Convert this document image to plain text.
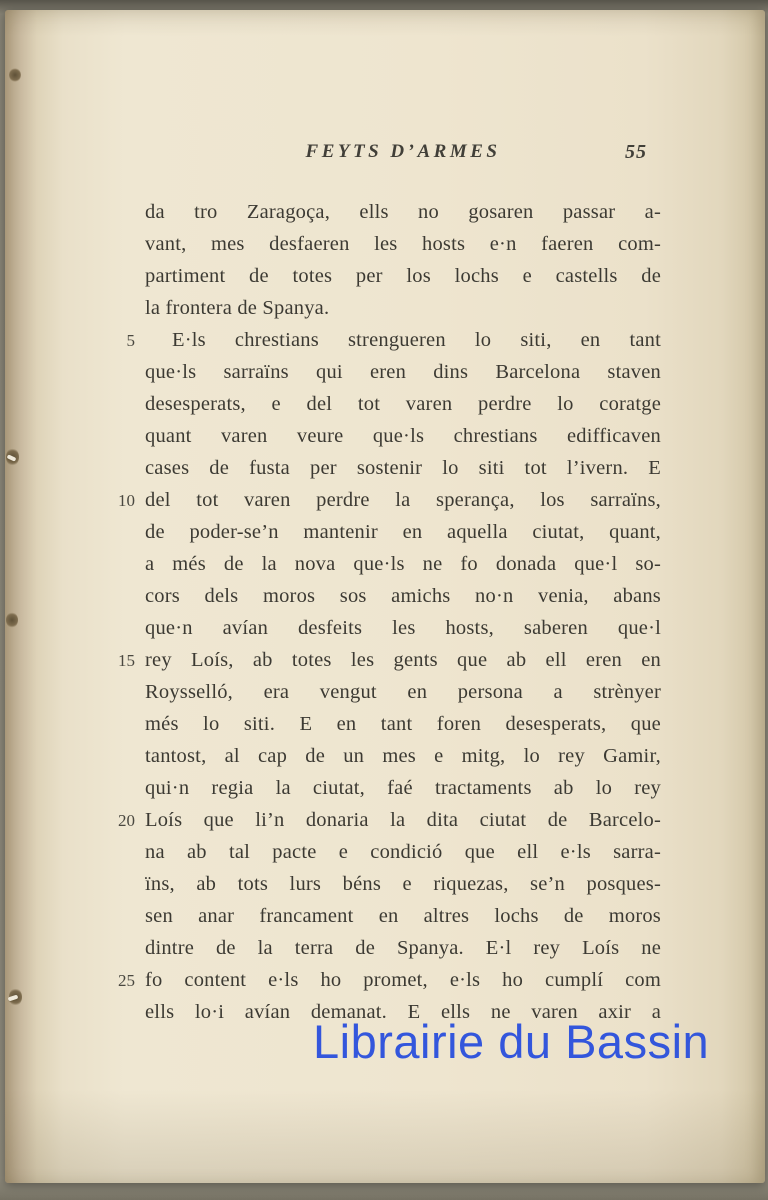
FEYTS D’ARMES	55
da tro Zaragoça, ells no gosaren passar a-
vant, mes desfaeren les hosts e·n faeren com-
partiment de totes per los lochs e castells de
la frontera de Spanya.
5	E·ls chrestians strengueren lo siti, en tant
que·ls sarraïns qui eren dins Barcelona staven
desesperats, e del tot varen perdre lo coratge
quant varen veure que·ls chrestians edifficaven
cases de fusta per sostenir lo siti tot l’ivern. E
10 del tot varen perdre la sperança, los sarraïns,
de poder-se’n mantenir en aquella ciutat, quant,
a més de la nova que·ls ne fo donada que·l so-
cors dels moros sos amichs no·n venia, abans
que·n avían desfeits les hosts, saberen que·l
15 rey Loís, ab totes les gents que ab ell eren en
Roysselló, era vengut en persona a strènyer
més lo siti. E en tant foren desesperats, que
tantost, al cap de un mes e mitg, lo rey Gamir,
qui·n regia la ciutat, faé tractaments ab lo rey
20 Loís que li’n donaria la dita ciutat de Barcelo-
na ab tal pacte e condició que ell e·ls sarra-
ïns, ab tots lurs béns e riquezas, se’n posques-
sen anar francament en altres lochs de moros
dintre de la terra de Spanya. E·l rey Loís ne
25 fo content e·ls ho promet, e·ls ho cumplí com
ells lo·i avían demanat. E ells ne varen axir a
Librairie du Bassin
